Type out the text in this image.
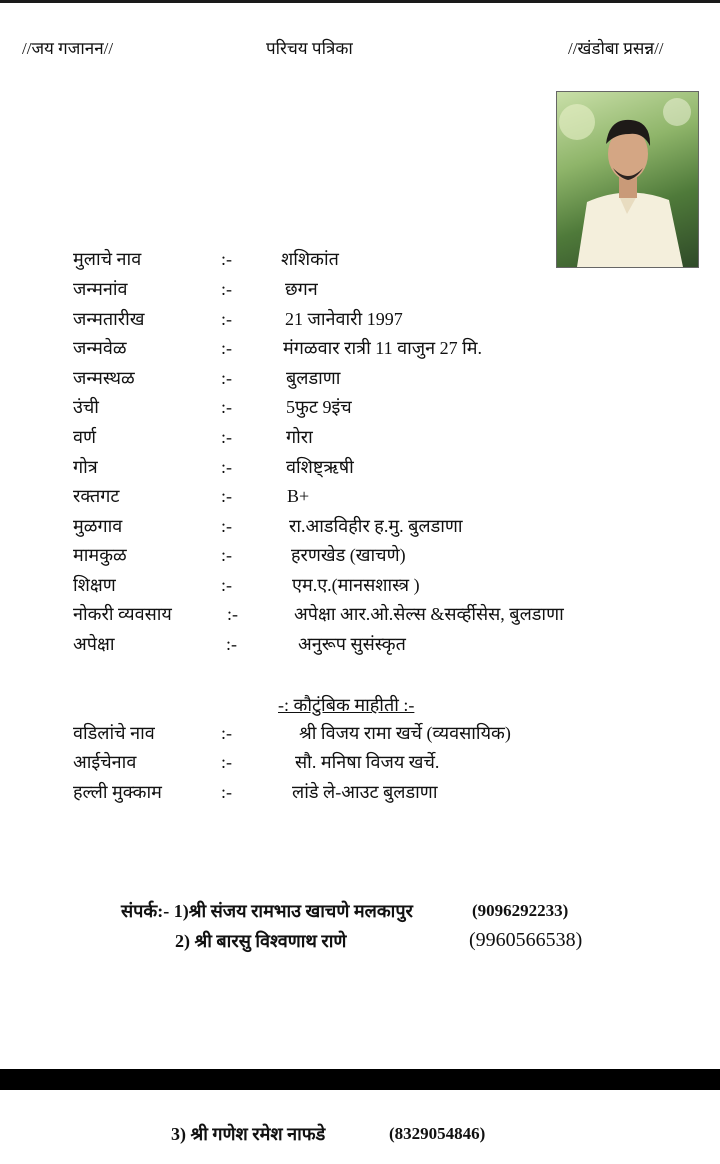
//जय गजानन//	परिचय पत्रिका	//खंडोबा प्रसन्न//
मुलाचे नाव	:-	शशिकांत
जन्मनांव	:-	छगन
जन्मतारीख	:-	21 जानेवारी 1997
जन्मवेळ	:-	मंगळवार रात्री 11 वाजुन 27 मि.
जन्मस्थळ	:-	बुलडाणा
उंची	:-	5फुट 9इंच
वर्ण	:-	गोरा
गोत्र	:-	वशिष्ट्ऋषी
रक्तगट	:-	B+
मुळगाव	:-	रा.आडविहीर ह.मु. बुलडाणा
मामकुळ	:-	हरणखेड (खाचणे)
शिक्षण	:-	एम.ए.(मानसशास्त्र )
नोकरी व्यवसाय	:-	अपेक्षा आर.ओ.सेल्स &सर्व्हीसेस, बुलडाणा
अपेक्षा	:-	अनुरूप सुसंस्कृत
-: कौटुंबिक माहीती :-
वडिलांचे नाव	:-	श्री विजय रामा खर्चे (व्यवसायिक)
आईचेनाव	:-	सौ. मनिषा विजय खर्चे.
हल्ली मुक्काम	:-	लांडे ले-आउट बुलडाणा
संपर्क:- 1)श्री संजय रामभाउ खाचणे मलकापुर	(9096292233)
2) श्री बारसु विश्वणाथ राणे	(9960566538)
3) श्री गणेश रमेश नाफडे	(8329054846)
